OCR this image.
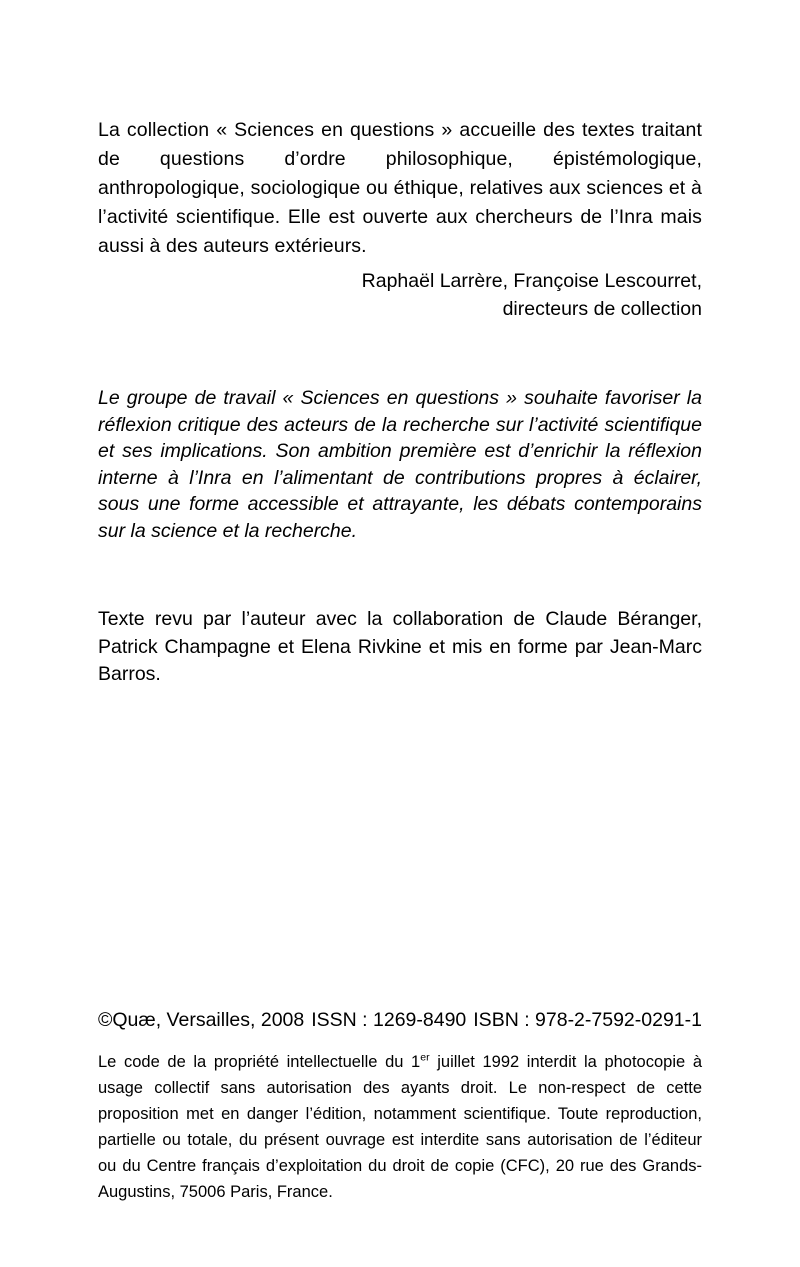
La collection « Sciences en questions » accueille des textes traitant de questions d’ordre philosophique, épistémologique, anthropologique, sociologique ou éthique, relatives aux sciences et à l’activité scientifique. Elle est ouverte aux chercheurs de l’Inra mais aussi à des auteurs extérieurs.

Raphaël Larrère, Françoise Lescourret,
directeurs de collection

Le groupe de travail « Sciences en questions » souhaite favoriser la réflexion critique des acteurs de la recherche sur l’activité scientifique et ses implications. Son ambition première est d’enrichir la réflexion interne à l’Inra en l’alimentant de contributions propres à éclairer, sous une forme accessible et attrayante, les débats contemporains sur la science et la recherche.

Texte revu par l’auteur avec la collaboration de Claude Béranger, Patrick Champagne et Elena Rivkine et mis en forme par Jean-Marc Barros.

©Quæ, Versailles, 2008 ISSN : 1269-8490 ISBN : 978-2-7592-0291-1

Le code de la propriété intellectuelle du 1er juillet 1992 interdit la photocopie à usage collectif sans autorisation des ayants droit. Le non-respect de cette proposition met en danger l’édition, notamment scientifique. Toute reproduction, partielle ou totale, du présent ouvrage est interdite sans autorisation de l’éditeur ou du Centre français d’exploitation du droit de copie (CFC), 20 rue des Grands-Augustins, 75006 Paris, France.
